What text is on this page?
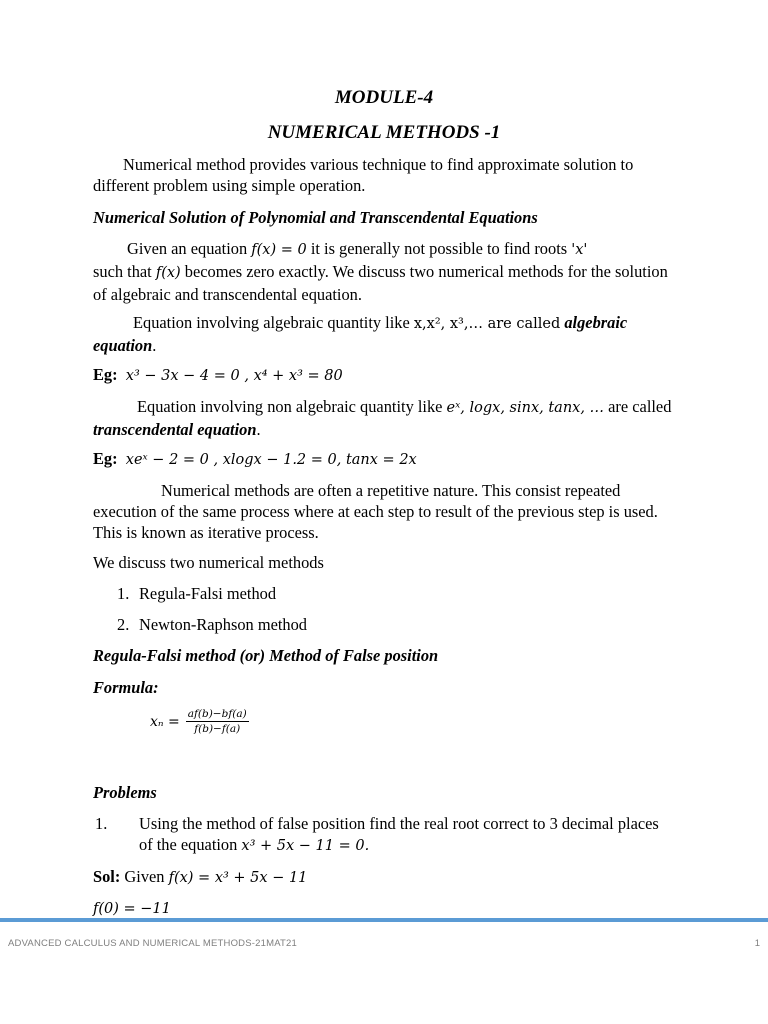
MODULE-4
NUMERICAL METHODS -1

Numerical method provides various technique to find approximate solution to different problem using simple operation.

Numerical Solution of Polynomial and Transcendental Equations

Given an equation f(x) = 0 it is generally not possible to find roots 'x'
such that f(x) becomes zero exactly. We discuss two numerical methods for the solution of algebraic and transcendental equation.

Equation involving algebraic quantity like x,x², x³,… are called algebraic equation.

Eg: x³ − 3x − 4 = 0 , x⁴ + x³ = 80

Equation involving non algebraic quantity like eˣ, logx, sinx, tanx, … are called transcendental equation.

Eg: xeˣ − 2 = 0 , xlogx − 1.2 = 0, tanx = 2x

Numerical methods are often a repetitive nature. This consist repeated execution of the same process where at each step to result of the previous step is used. This is known as iterative process.

We discuss two numerical methods

1. Regula-Falsi method
2. Newton-Raphson method

Regula-Falsi method (or) Method of False position

Formula:

$x_n = \frac{af(b)-bf(a)}{f(b)-f(a)}$

Problems

1. Using the method of false position find the real root correct to 3 decimal places of the equation x³ + 5x − 11 = 0.

Sol: Given f(x) = x³ + 5x − 11

f(0) = −11

ADVANCED CALCULUS AND NUMERICAL METHODS-21MAT21	1
